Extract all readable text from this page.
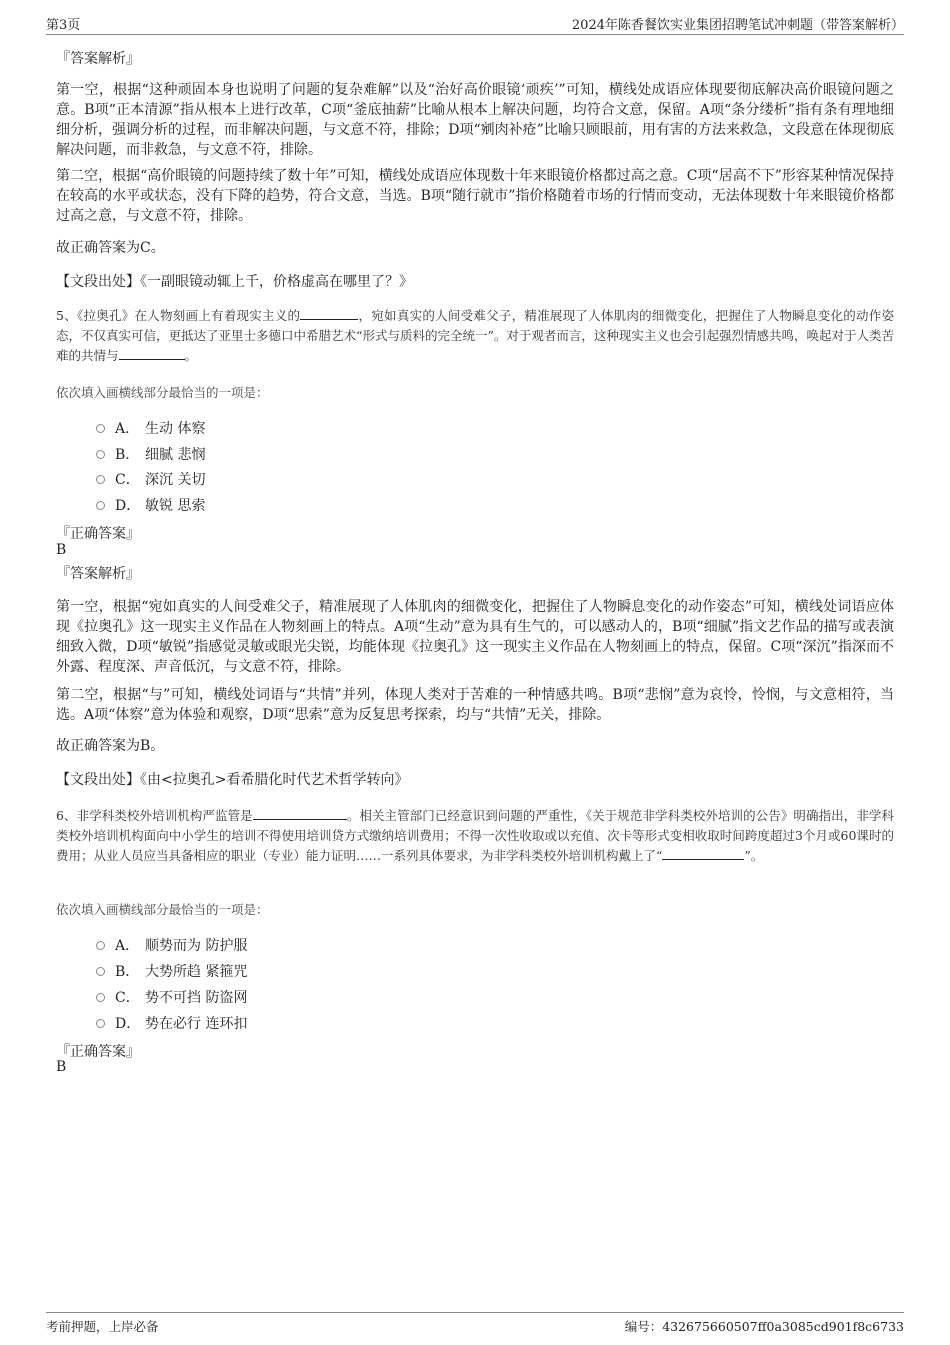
第3页	2024年陈香餐饮实业集团招聘笔试冲刺题（带答案解析）
『答案解析』
第一空，根据“这种顽固本身也说明了问题的复杂难解”以及“治好高价眼镜‘顽疾’”可知，横线处成语应体现要彻底解决高价眼镜问题之意。B项“正本清源”指从根本上进行改革，C项“釜底抽薪”比喻从根本上解决问题，均符合文意，保留。A项“条分缕析”指有条有理地细细分析，强调分析的过程，而非解决问题，与文意不符，排除；D项“剜肉补疮”比喻只顾眼前，用有害的方法来救急，文段意在体现彻底解决问题，而非救急，与文意不符，排除。
第二空，根据“高价眼镜的问题持续了数十年”可知，横线处成语应体现数十年来眼镜价格都过高之意。C项“居高不下”形容某种情况保持在较高的水平或状态，没有下降的趋势，符合文意，当选。B项“随行就市”指价格随着市场的行情而变动，无法体现数十年来眼镜价格都过高之意，与文意不符，排除。
故正确答案为C。
【文段出处】《一副眼镜动辄上千，价格虚高在哪里了？》
5、《拉奥孔》在人物刻画上有着现实主义的	，宛如真实的人间受难父子，精准展现了人体肌肉的细微变化，把握住了人物瞬息变化的动作姿态，不仅真实可信，更抵达了亚里士多德口中希腊艺术“形式与质料的完全统一”。对于观者而言，这种现实主义也会引起强烈情感共鸣，唤起对于人类苦难的共情与	。
依次填入画横线部分最恰当的一项是：
A． 生动 体察
B． 细腻 悲悯
C． 深沉 关切
D． 敏锐 思索
『正确答案』
B
『答案解析』
第一空，根据“宛如真实的人间受难父子，精准展现了人体肌肉的细微变化，把握住了人物瞬息变化的动作姿态”可知，横线处词语应体现《拉奥孔》这一现实主义作品在人物刻画上的特点。A项“生动”意为具有生气的，可以感动人的，B项“细腻”指文艺作品的描写或表演细致入微，D项“敏锐”指感觉灵敏或眼光尖锐，均能体现《拉奥孔》这一现实主义作品在人物刻画上的特点，保留。C项“深沉”指深而不外露、程度深、声音低沉，与文意不符，排除。
第二空，根据“与”可知，横线处词语与“共情”并列，体现人类对于苦难的一种情感共鸣。B项“悲悯”意为哀怜，怜悯，与文意相符，当选。A项“体察”意为体验和观察，D项“思索”意为反复思考探索，均与“共情”无关，排除。
故正确答案为B。
【文段出处】《由<拉奥孔>看希腊化时代艺术哲学转向》
6、非学科类校外培训机构严监管是	。相关主管部门已经意识到问题的严重性，《关于规范非学科类校外培训的公告》明确指出，非学科类校外培训机构面向中小学生的培训不得使用培训贷方式缴纳培训费用；不得一次性收取或以充值、次卡等形式变相收取时间跨度超过3个月或60课时的费用；从业人员应当具备相应的职业（专业）能力证明……一系列具体要求，为非学科类校外培训机构戴上了“	”。
依次填入画横线部分最恰当的一项是：
A． 顺势而为 防护服
B． 大势所趋 紧箍咒
C． 势不可挡 防盗网
D． 势在必行 连环扣
『正确答案』
B
考前押题，上岸必备	编号：432675660507ff0a3085cd901f8c6733
